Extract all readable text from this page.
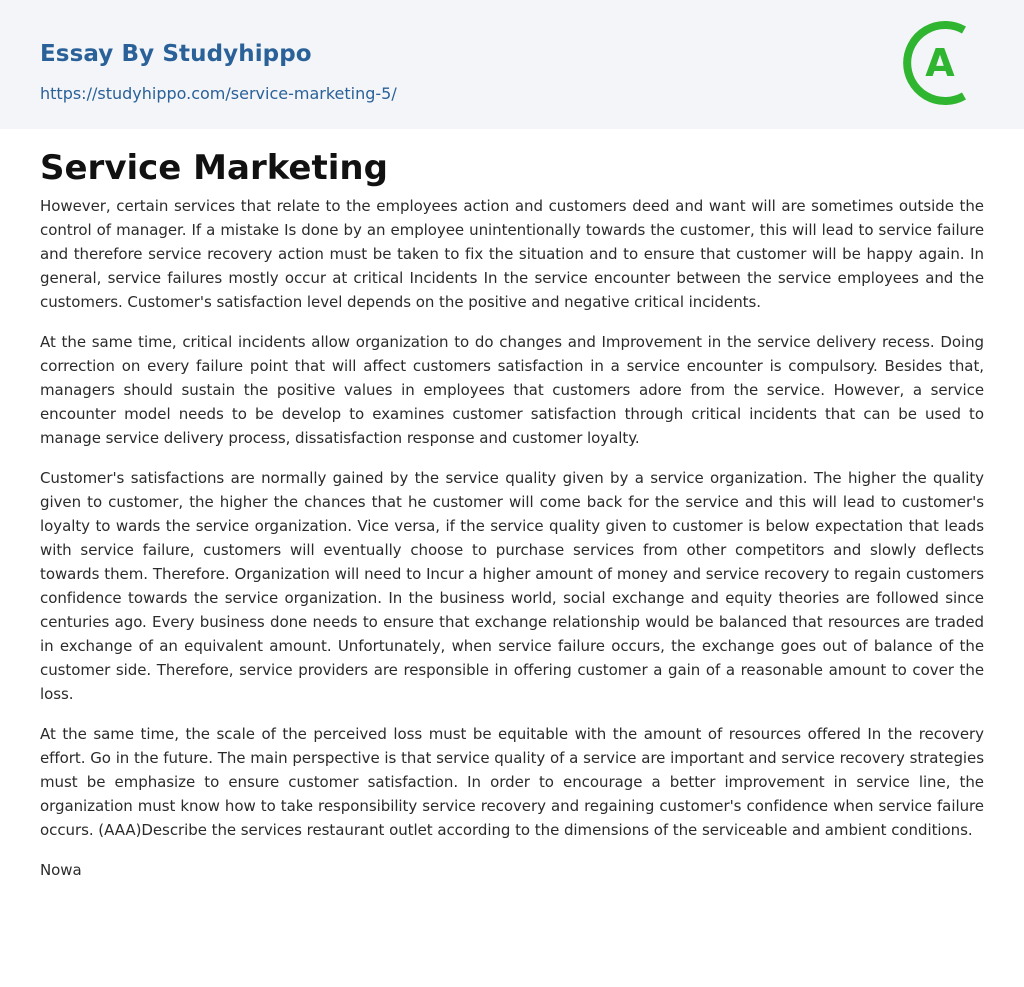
Essay By Studyhippo
https://studyhippo.com/service-marketing-5/
A
Service Marketing

However, certain services that relate to the employees action and customers deed and want will are sometimes outside the control of manager. If a mistake Is done by an employee unintentionally towards the customer, this will lead to service failure and therefore service recovery action must be taken to fix the situation and to ensure that customer will be happy again. In general, service failures mostly occur at critical Incidents In the service encounter between the service employees and the customers. Customer's satisfaction level depends on the positive and negative critical incidents.

At the same time, critical incidents allow organization to do changes and Improvement in the service delivery recess. Doing correction on every failure point that will affect customers satisfaction in a service encounter is compulsory. Besides that, managers should sustain the positive values in employees that customers adore from the service. However, a service encounter model needs to be develop to examines customer satisfaction through critical incidents that can be used to manage service delivery process, dissatisfaction response and customer loyalty.

Customer's satisfactions are normally gained by the service quality given by a service organization. The higher the quality given to customer, the higher the chances that he customer will come back for the service and this will lead to customer's loyalty to wards the service organization. Vice versa, if the service quality given to customer is below expectation that leads with service failure, customers will eventually choose to purchase services from other competitors and slowly deflects towards them. Therefore. Organization will need to Incur a higher amount of money and service recovery to regain customers confidence towards the service organization. In the business world, social exchange and equity theories are followed since centuries ago. Every business done needs to ensure that exchange relationship would be balanced that resources are traded in exchange of an equivalent amount. Unfortunately, when service failure occurs, the exchange goes out of balance of the customer side. Therefore, service providers are responsible in offering customer a gain of a reasonable amount to cover the loss.

At the same time, the scale of the perceived loss must be equitable with the amount of resources offered In the recovery effort. Go in the future. The main perspective is that service quality of a service are important and service recovery strategies must be emphasize to ensure customer satisfaction. In order to encourage a better improvement in service line, the organization must know how to take responsibility service recovery and regaining customer's confidence when service failure occurs. (AAA)Describe the services restaurant outlet according to the dimensions of the serviceable and ambient conditions.

Nowa
